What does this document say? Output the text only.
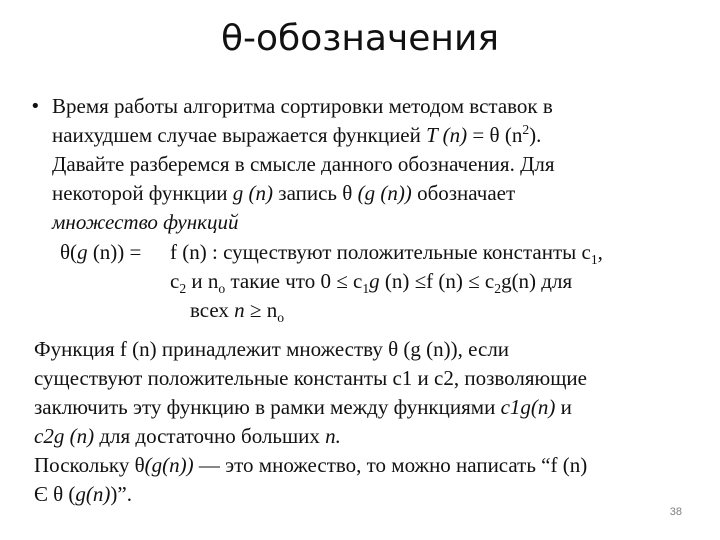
θ-обозначения
• Время работы алгоритма сортировки методом вставок в
наихудшем случае выражается функцией T (n) = θ $(n^2)$.
Давайте разберемся в смысле данного обозначения. Для
некоторой функции g (n) запись θ (g (n)) обозначает
множество функций
θ(g (n)) = f (n) : существуют положительные константы $c_1$,
$c_2$ и $n_o$ такие что $0 \le c_1g$ (n) ≤f $(n) \le c_2g(n)$ для
всех $n \ge n_o$
Функция f (n) принадлежит множеству θ (g (n)), если
существуют положительные константы c1 и c2, позволяющие
заключить эту функцию в рамки между функциями c1g(n) и
c2g (n) для достаточно больших n.
Поскольку θ(g(n)) — это множество, то можно написать “f (n)
Є θ (g(n))”.
38
